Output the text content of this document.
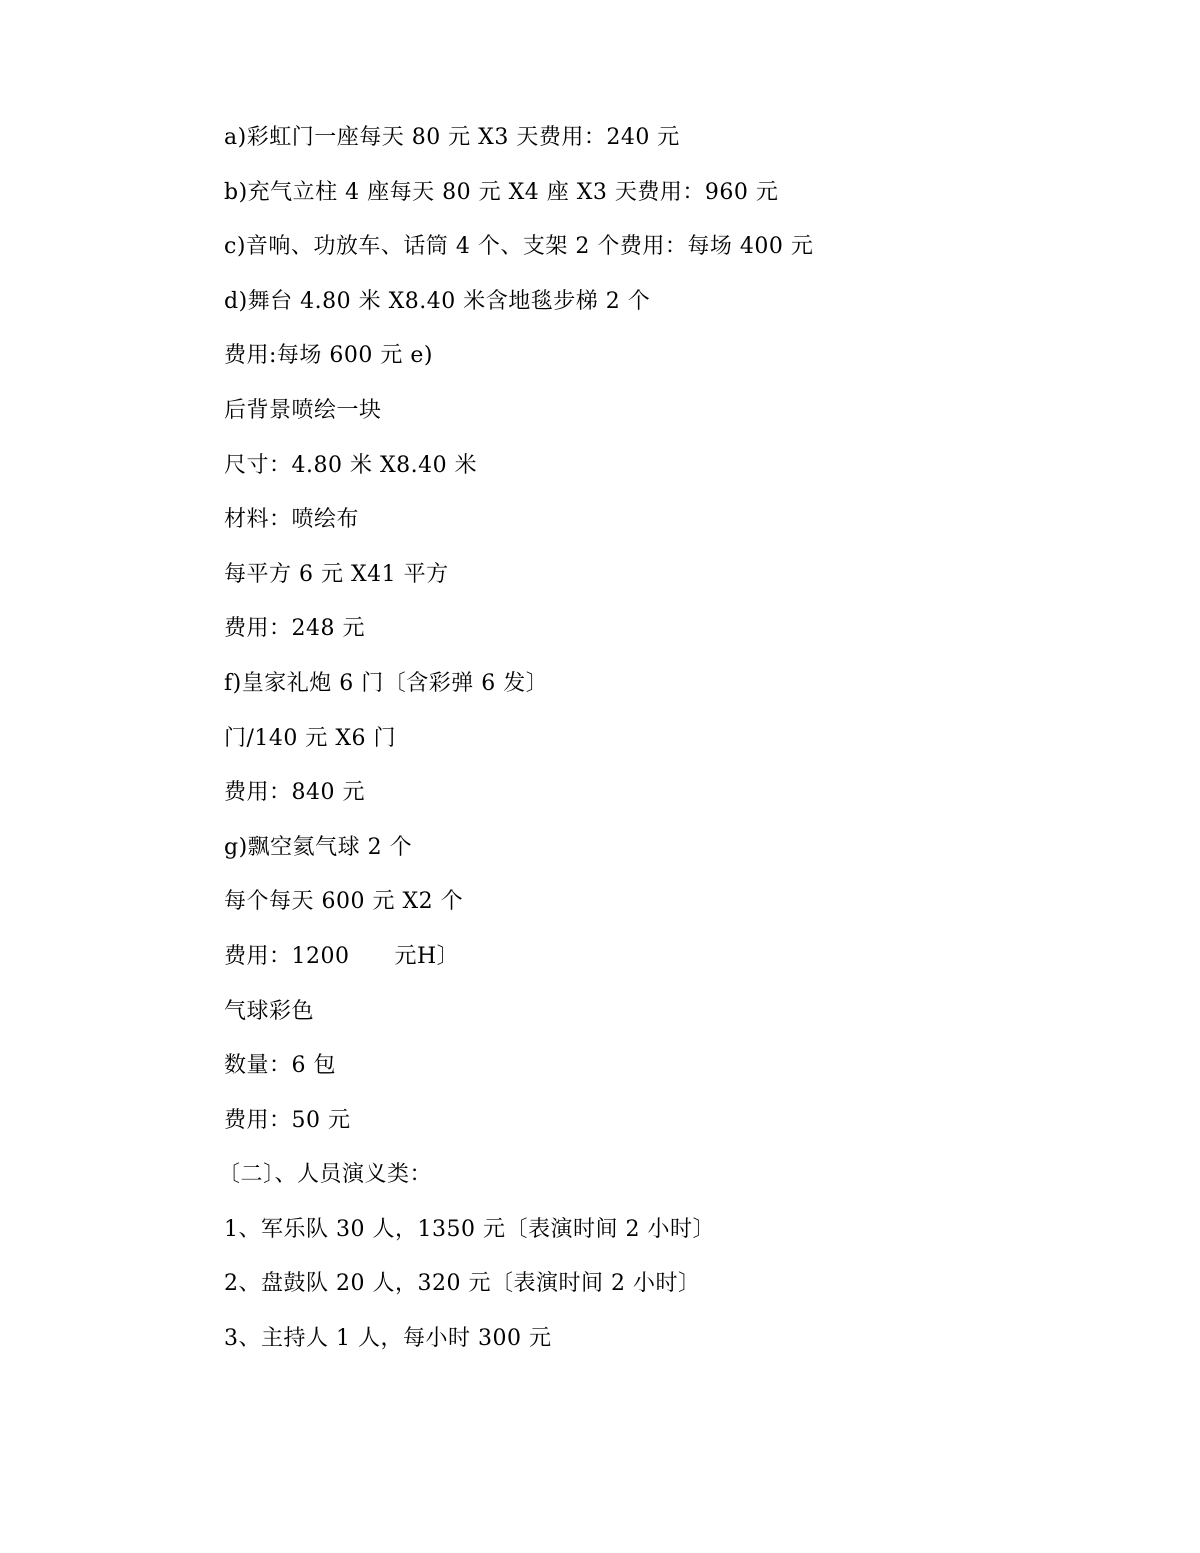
a)彩虹门一座每天 80 元 X3 天费用：240 元
b)充气立柱 4 座每天 80 元 X4 座 X3 天费用：960 元
c)音响、功放车、话筒 4 个、支架 2 个费用：每场 400 元
d)舞台 4.80 米 X8.40 米含地毯步梯 2 个
费用:每场 600 元 e)
后背景喷绘一块
尺寸：4.80 米 X8.40 米
材料：喷绘布
每平方 6 元 X41 平方
费用：248 元
f)皇家礼炮 6 门〔含彩弹 6 发〕
门/140 元 X6 门
费用：840 元
g)飘空氦气球 2 个
每个每天 600 元 X2 个
费用：1200      元H〕
气球彩色
数量：6 包
费用：50 元
〔二〕、人员演义类：
1、军乐队 30 人，1350 元〔表演时间 2 小时〕
2、盘鼓队 20 人，320 元〔表演时间 2 小时〕
3、主持人 1 人，每小时 300 元
